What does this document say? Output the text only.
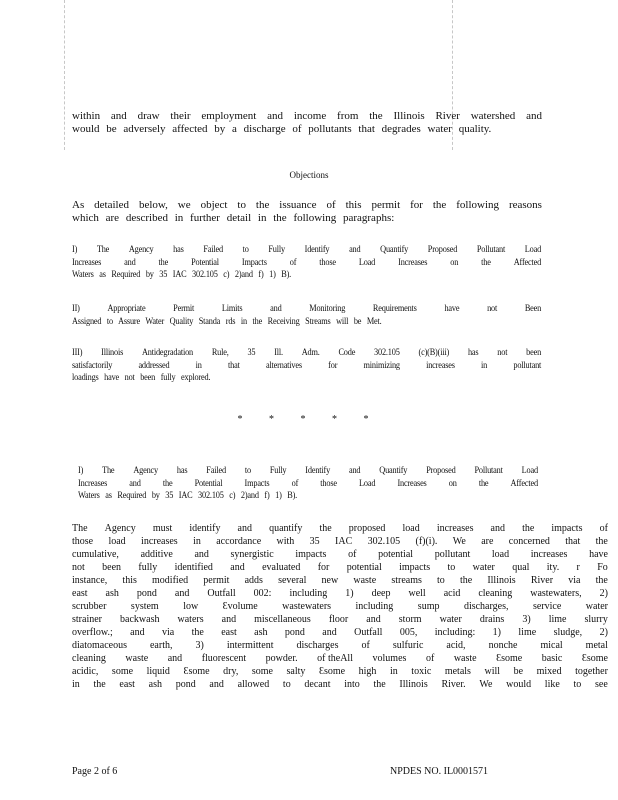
within and draw their employment and income from the Illinois River watershed and
would be adversely affected by a discharge of pollutants that degrades water quality.
Objections
As detailed below, we object to the issuance of this permit for the following reasons
which are described in further detail in the following paragraphs:
I) The Agency has Failed to Fully Identify and Quantify Proposed Pollutant Load
Increases	and	the	Potential	Impacts	of	those	Load	Increases	on	the	Affected
Waters as Required by 35 IAC 302.105 c) 2)and f) 1) B).
II)	Appropriate	Permit	Limits	and	Monitoring	Requirements	have	not	Been
Assigned to Assure Water Quality Standa rds in the Receiving Streams will be Met.
III) Illinois Antidegradation Rule, 35 Ill. Adm. Code 302.105 (c)(B)(iii) has not been
satisfactorily	addressed	in	that	alternatives	for	minimizing	increases	in	pollutant
loadings have not been fully explored.
* * * * *
I) The Agency has Failed to Fully Identify and Quantify Proposed Pollutant Load
Increases and the Potential Impacts of those Load Increases on the Affected
Waters as Required by 35 IAC 302.105 c) 2)and f) 1) B).
The Agency must identify and quantify the proposed load increases and the impacts of
those load increases in accordance with 35 IAC 302.105 (f)(i). We are concerned that the
cumulative, additive and synergistic impacts of potential pollutant load increases have
not been fully identified and evaluated for potential impacts to water qual ity. r Fo
instance, this modified permit adds several new waste streams to the Illinois River via the
east ash pond and Outfall 002: including 1) deep well acid cleaning wastewaters, 2)
scrubber system low Ɛvolume wastewaters including sump discharges, service water
strainer backwash waters and miscellaneous floor and storm water drains 3) lime slurry
overflow.; and via the east ash pond and Outfall 005, including: 1) lime sludge, 2)
diatomaceous earth, 3) intermittent discharges of sulfuric acid, nonche mical metal
cleaning waste and fluorescent powder. of theAll volumes of waste Ɛsome basic Ɛsome
acidic, some liquid Ɛsome dry, some salty Ɛsome high in toxic metals will be mixed together
in the east ash pond and allowed to decant into the Illinois River. We would like to see
Page 2 of 6	NPDES NO. IL0001571
